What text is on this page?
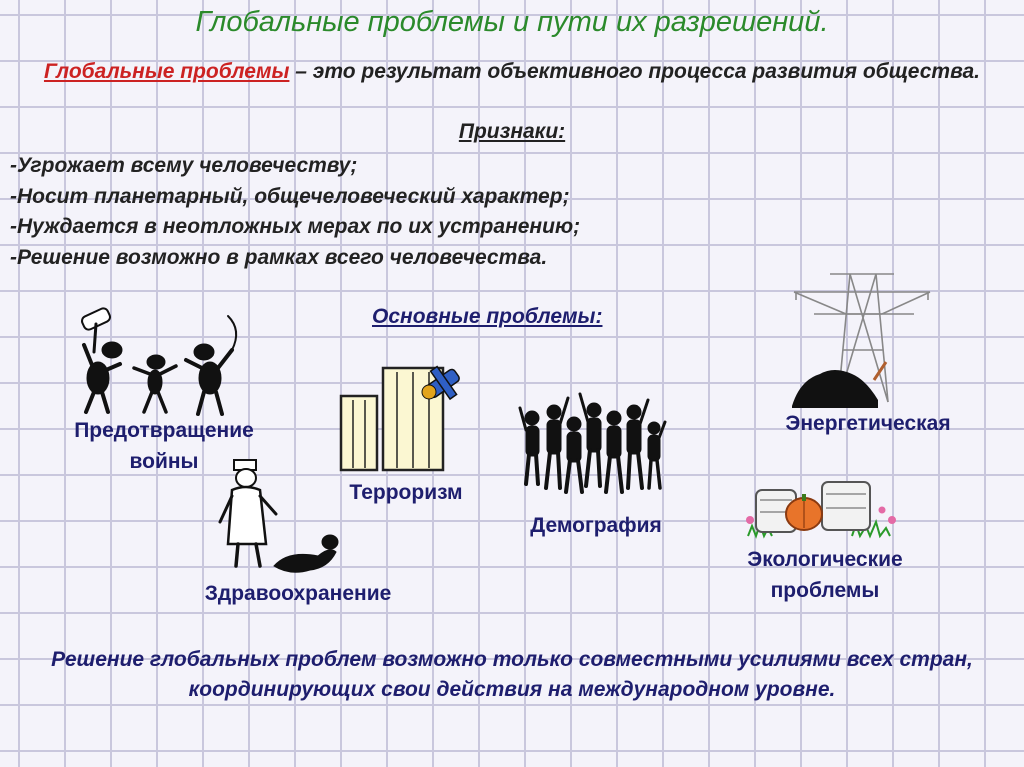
Глобальные проблемы и пути их разрешений.
Глобальные проблемы – это результат объективного процесса развития общества.
Признаки:
-Угрожает всему человечеству;
-Носит планетарный, общечеловеческий характер;
-Нуждается в неотложных мерах по их устранению;
-Решение возможно в рамках всего человечества.
Основные проблемы:
Предотвращение войны
Терроризм
Демография
Энергетическая
Экологические проблемы
Здравоохранение
Решение глобальных проблем возможно только совместными усилиями всех стран, координирующих свои действия на международном уровне.
